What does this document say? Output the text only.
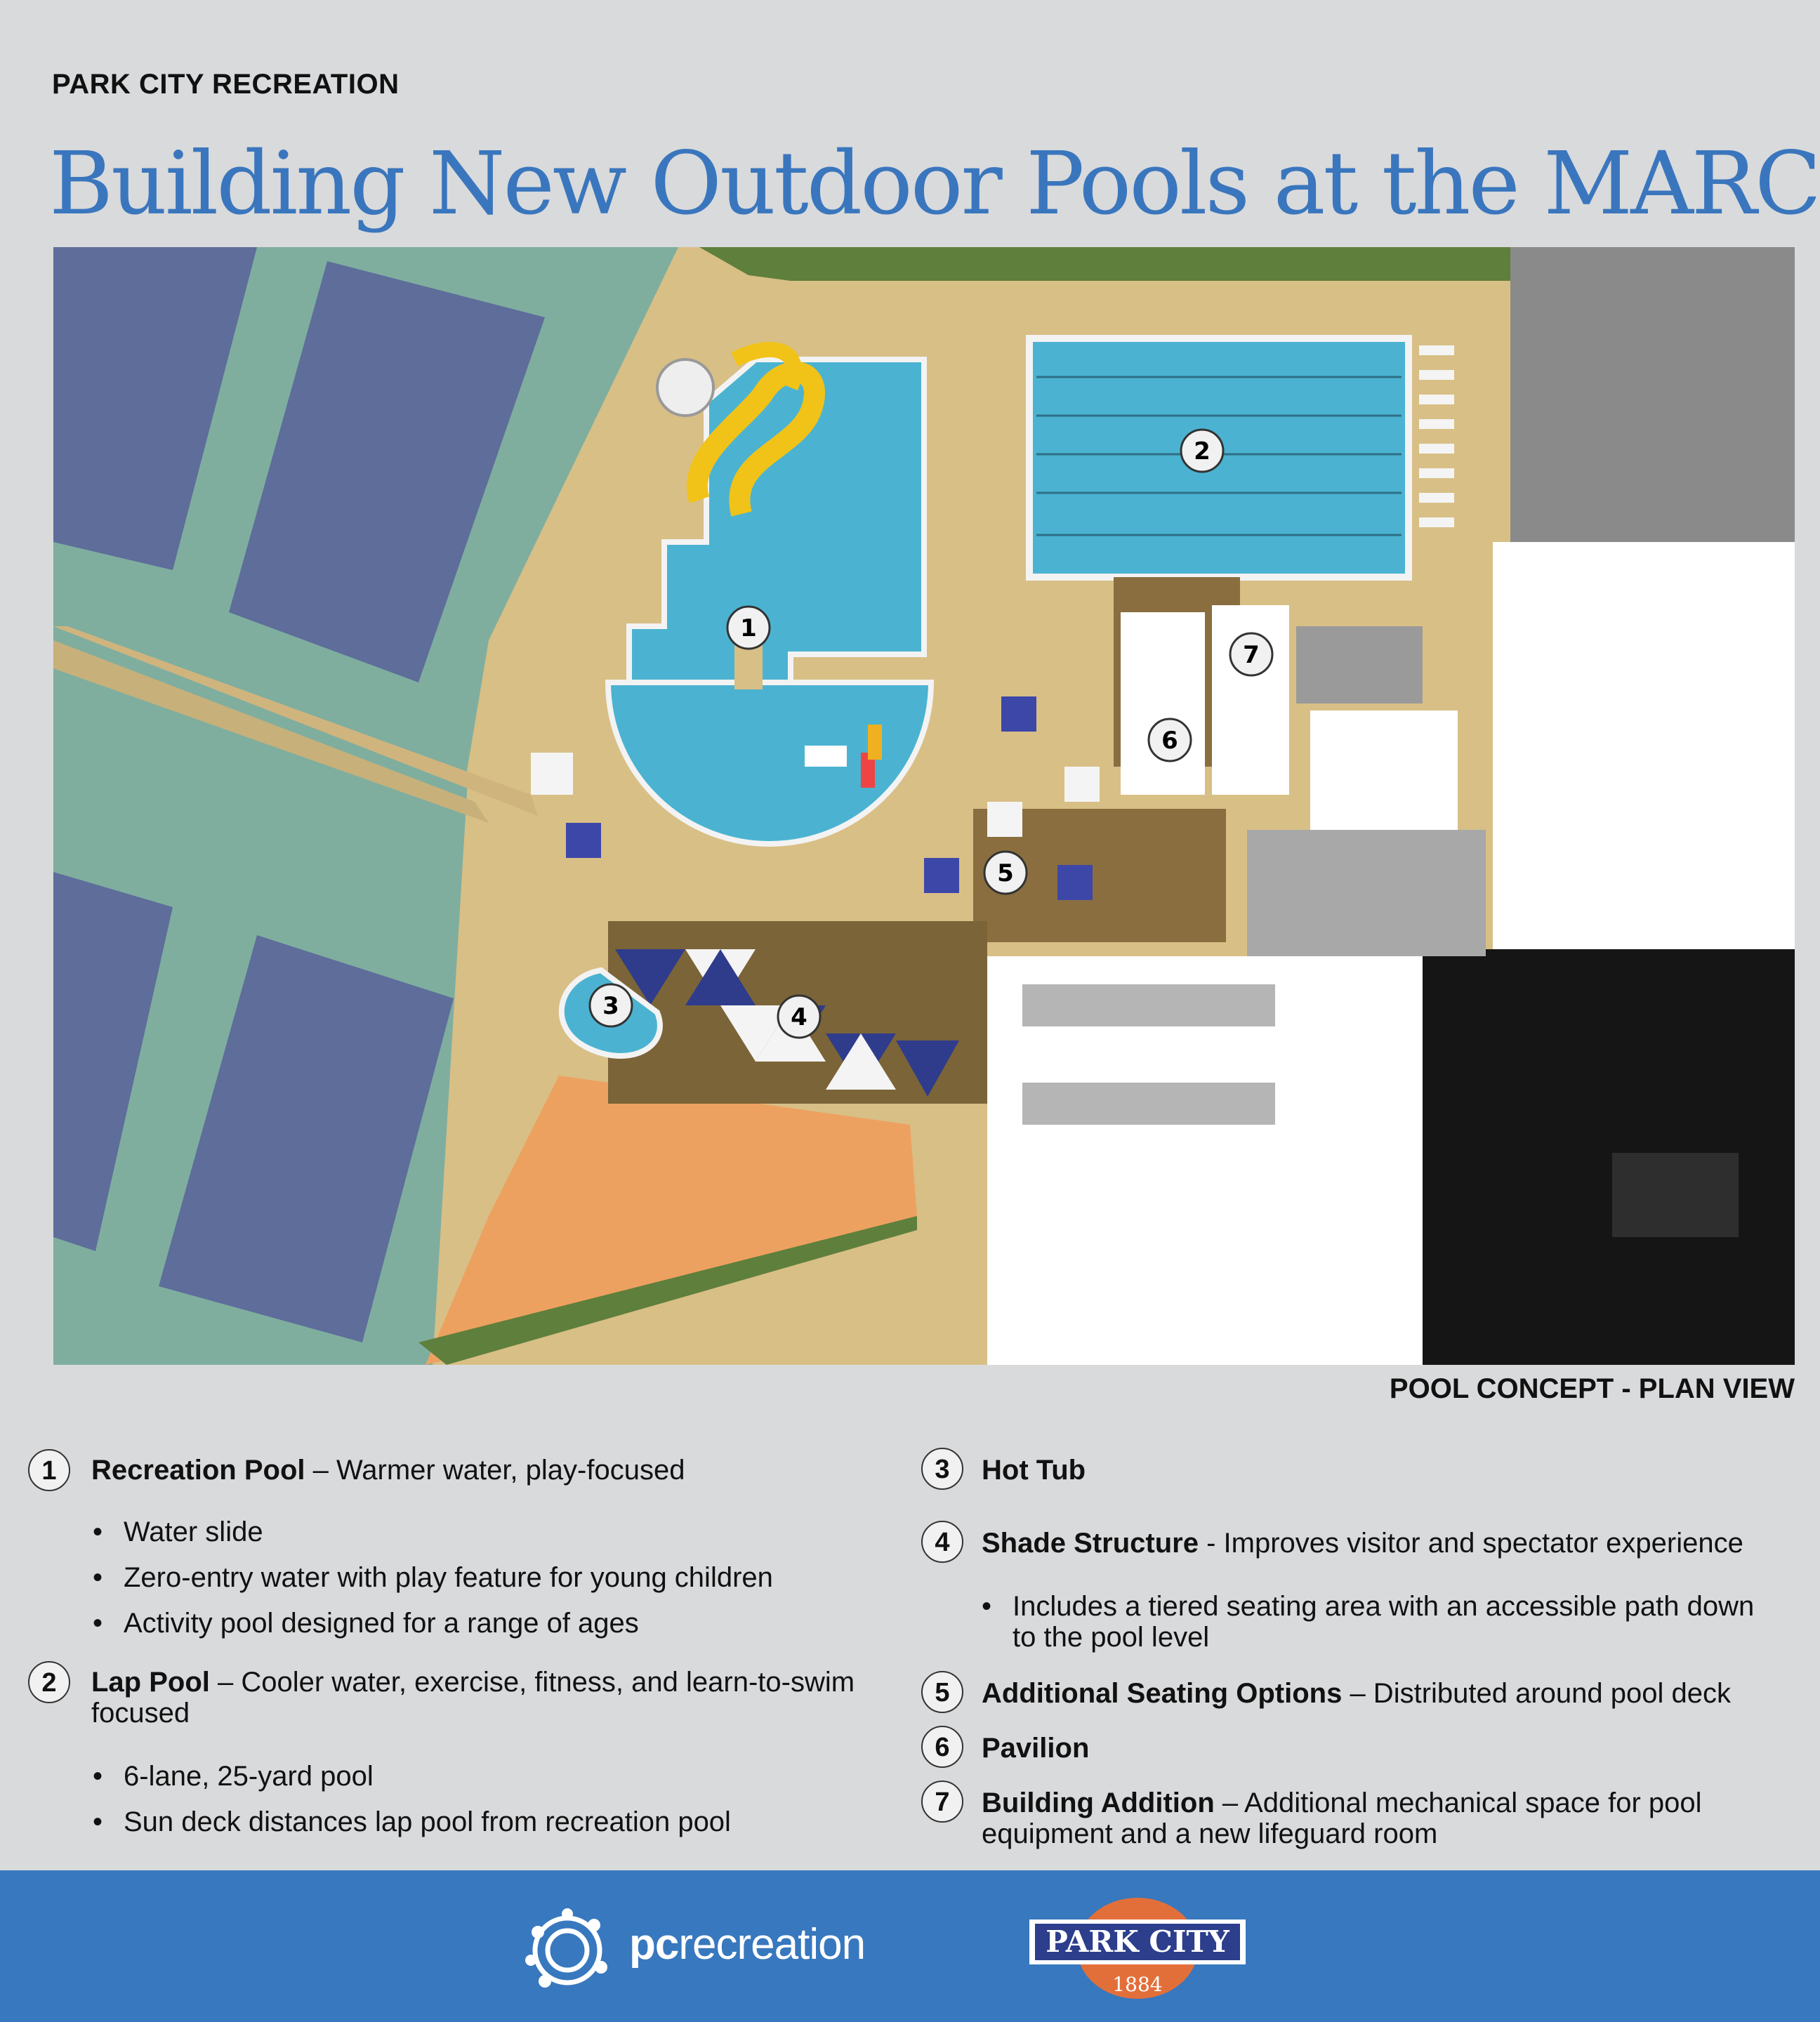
PARK CITY RECREATION
Building New Outdoor Pools at the MARC
1
2
3	4
5
6
7
POOL CONCEPT - PLAN VIEW
1	Recreation Pool – Warmer water, play-focused
• Water slide
• Zero-entry water with play feature for young children
• Activity pool designed for a range of ages
2	Lap Pool – Cooler water, exercise, fitness, and learn-to-swim focused
• 6-lane, 25-yard pool
• Sun deck distances lap pool from recreation pool
3	Hot Tub
4	Shade Structure - Improves visitor and spectator experience
• Includes a tiered seating area with an accessible path down to the pool level
5	Additional Seating Options – Distributed around pool deck
6	Pavilion
7	Building Addition – Additional mechanical space for pool equipment and a new lifeguard room
pcrecreation	PARK CITY
1884
